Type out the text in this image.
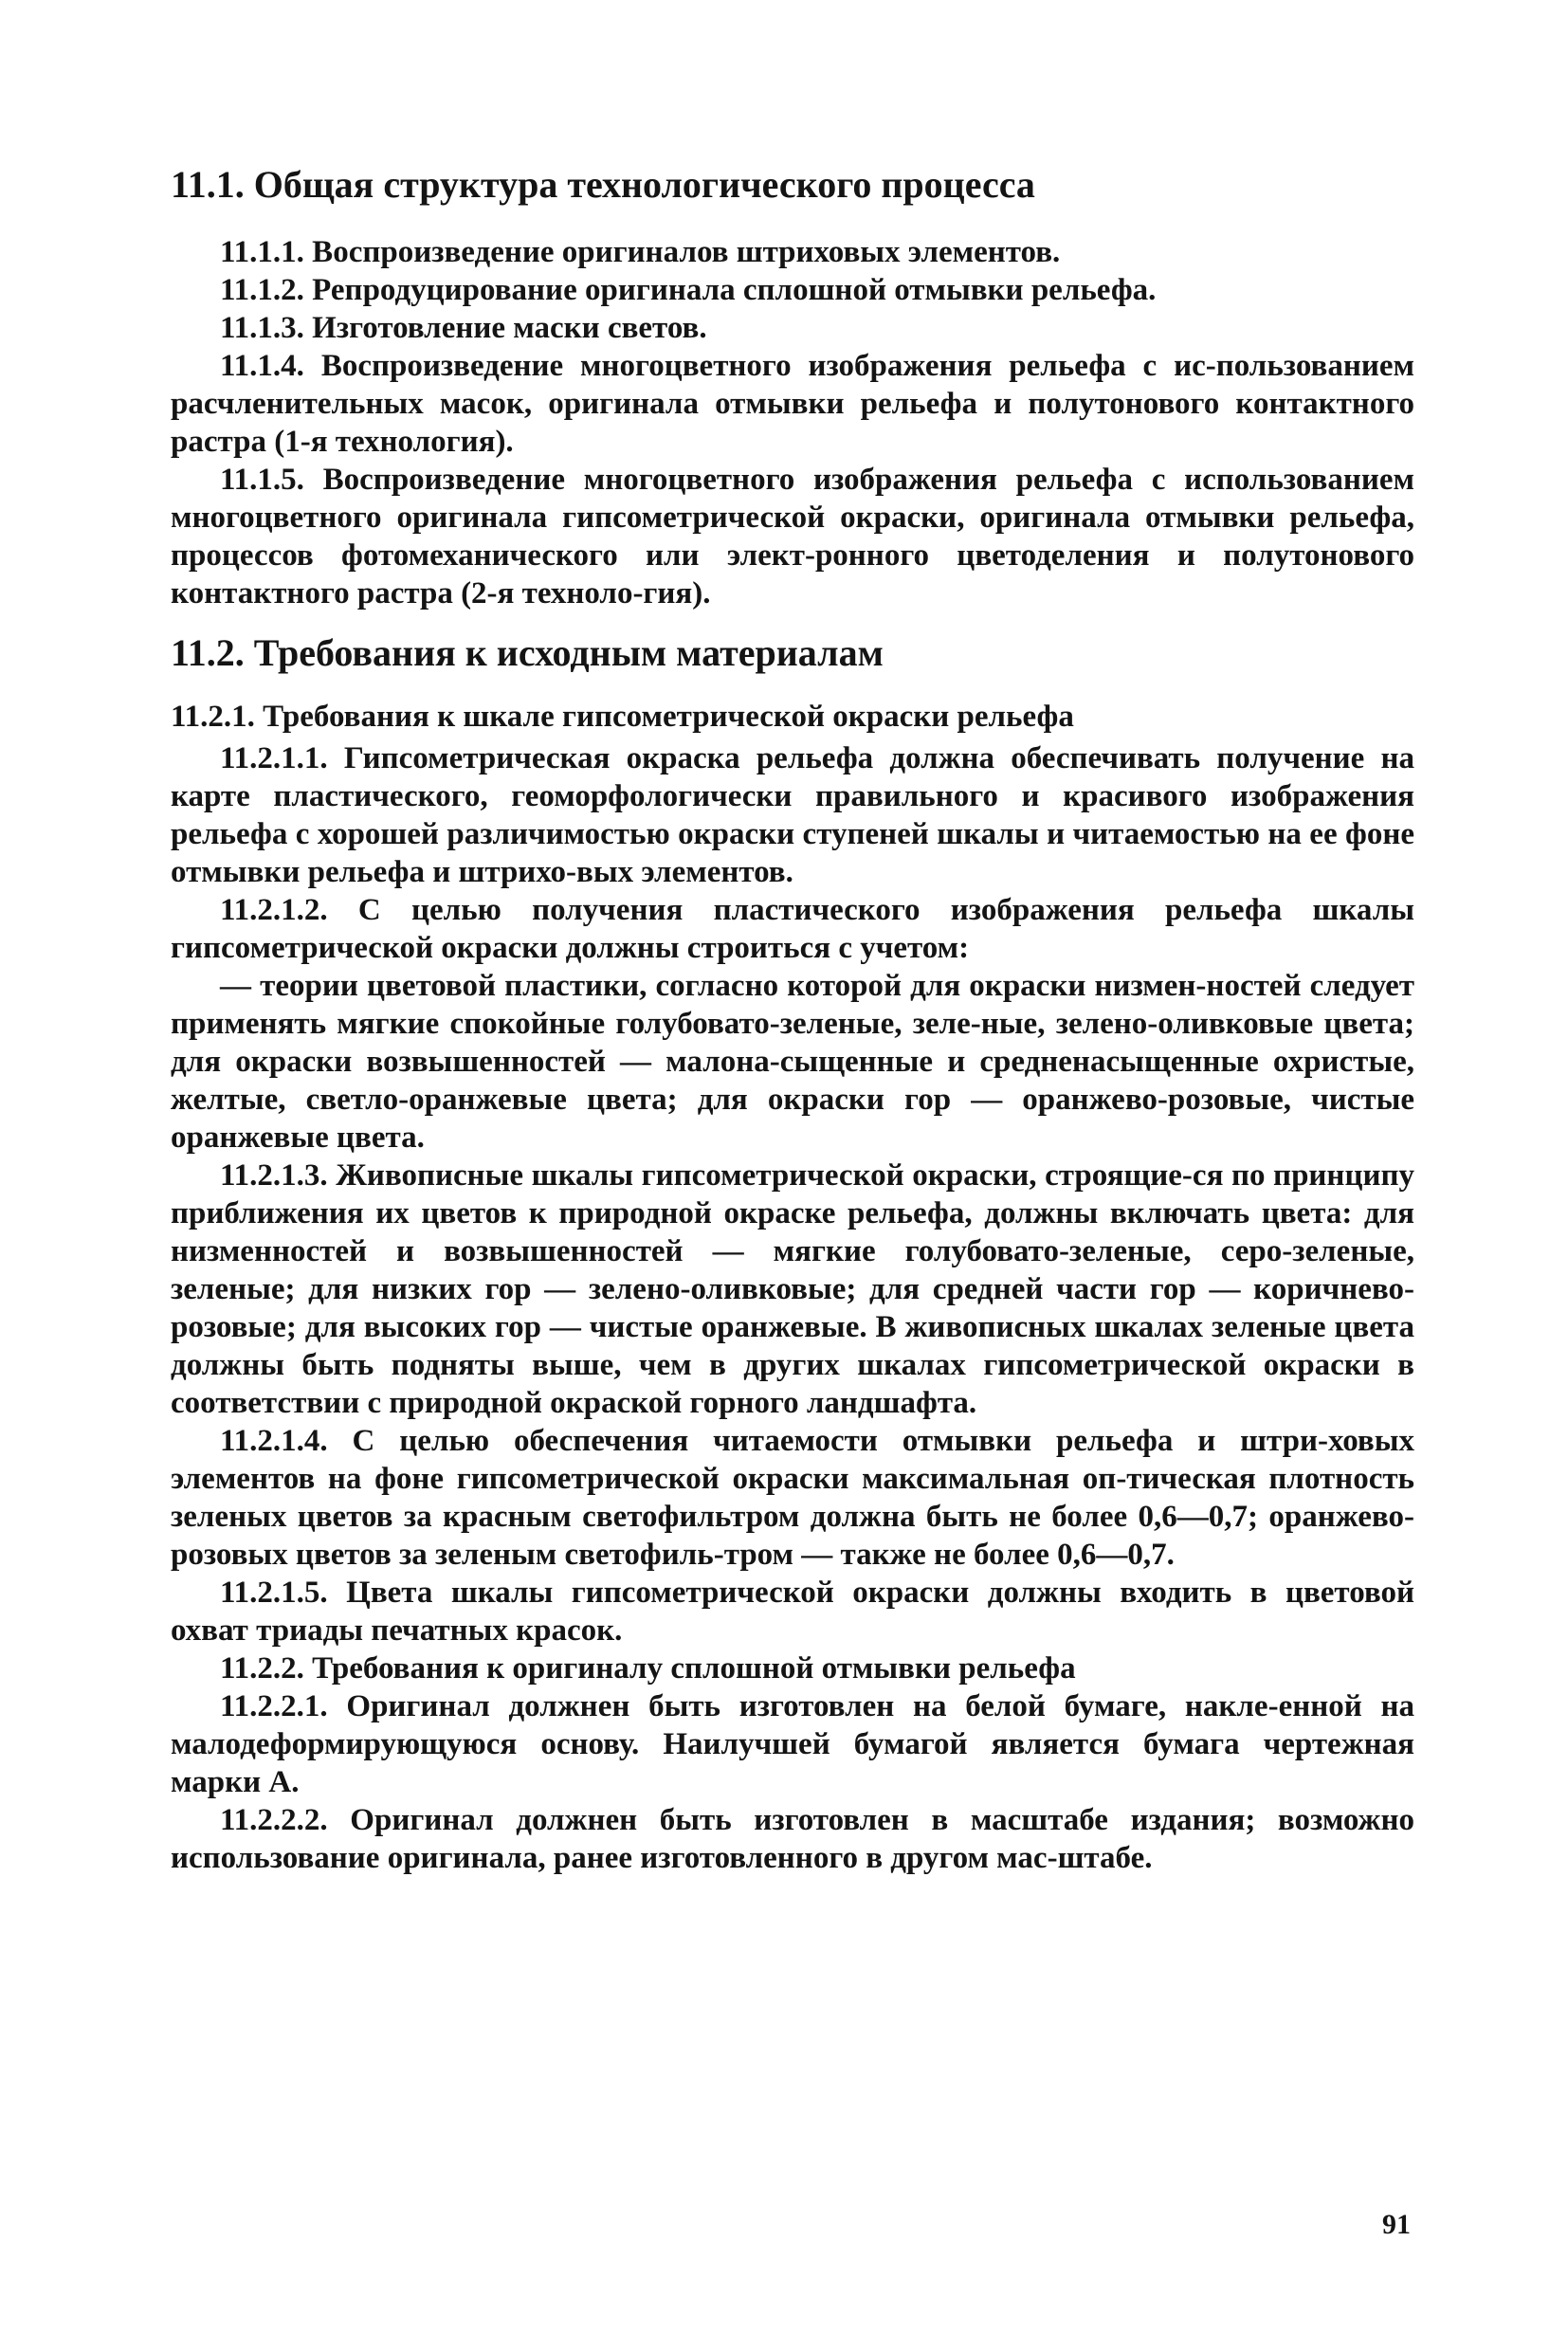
11.1. Общая структура технологического процесса

11.1.1. Воспроизведение оригиналов штриховых элементов.

11.1.2. Репродуцирование оригинала сплошной отмывки рельефа.

11.1.3. Изготовление маски светов.

11.1.4. Воспроизведение многоцветного изображения рельефа с ис-пользованием расчленительных масок, оригинала отмывки рельефа и полутонового контактного растра (1-я технология).

11.1.5. Воспроизведение многоцветного изображения рельефа с использованием многоцветного оригинала гипсометрической окраски, оригинала отмывки рельефа, процессов фотомеханического или элект-ронного цветоделения и полутонового контактного растра (2-я техноло-гия).

11.2. Требования к исходным материалам
11.2.1. Требования к шкале гипсометрической окраски рельефа

11.2.1.1. Гипсометрическая окраска рельефа должна обеспечивать получение на карте пластического, геоморфологически правильного и красивого изображения рельефа с хорошей различимостью окраски ступеней шкалы и читаемостью на ее фоне отмывки рельефа и штрихо-вых элементов.

11.2.1.2. С целью получения пластического изображения рельефа шкалы гипсометрической окраски должны строиться с учетом:

— теории цветовой пластики, согласно которой для окраски низмен-ностей следует применять мягкие спокойные голубовато-зеленые, зеле-ные, зелено-оливковые цвета; для окраски возвышенностей — малона-сыщенные и средненасыщенные охристые, желтые, светло-оранжевые цвета; для окраски гор — оранжево-розовые, чистые оранжевые цвета.

11.2.1.3. Живописные шкалы гипсометрической окраски, строящие-ся по принципу приближения их цветов к природной окраске рельефа, должны включать цвета: для низменностей и возвышенностей — мягкие голубовато-зеленые, серо-зеленые, зеленые; для низких гор — зелено-оливковые; для средней части гор — коричнево-розовые; для высоких гор — чистые оранжевые. В живописных шкалах зеленые цвета должны быть подняты выше, чем в других шкалах гипсометрической окраски в соответствии с природной окраской горного ландшафта.

11.2.1.4. С целью обеспечения читаемости отмывки рельефа и штри-ховых элементов на фоне гипсометрической окраски максимальная оп-тическая плотность зеленых цветов за красным светофильтром должна быть не более 0,6—0,7; оранжево-розовых цветов за зеленым светофиль-тром — также не более 0,6—0,7.

11.2.1.5. Цвета шкалы гипсометрической окраски должны входить в цветовой охват триады печатных красок.

11.2.2. Требования к оригиналу сплошной отмывки рельефа

11.2.2.1. Оригинал должнен быть изготовлен на белой бумаге, накле-енной на малодеформирующуюся основу. Наилучшей бумагой является бумага чертежная марки А.

11.2.2.2. Оригинал должнен быть изготовлен в масштабе издания; возможно использование оригинала, ранее изготовленного в другом мас-штабе.

91
